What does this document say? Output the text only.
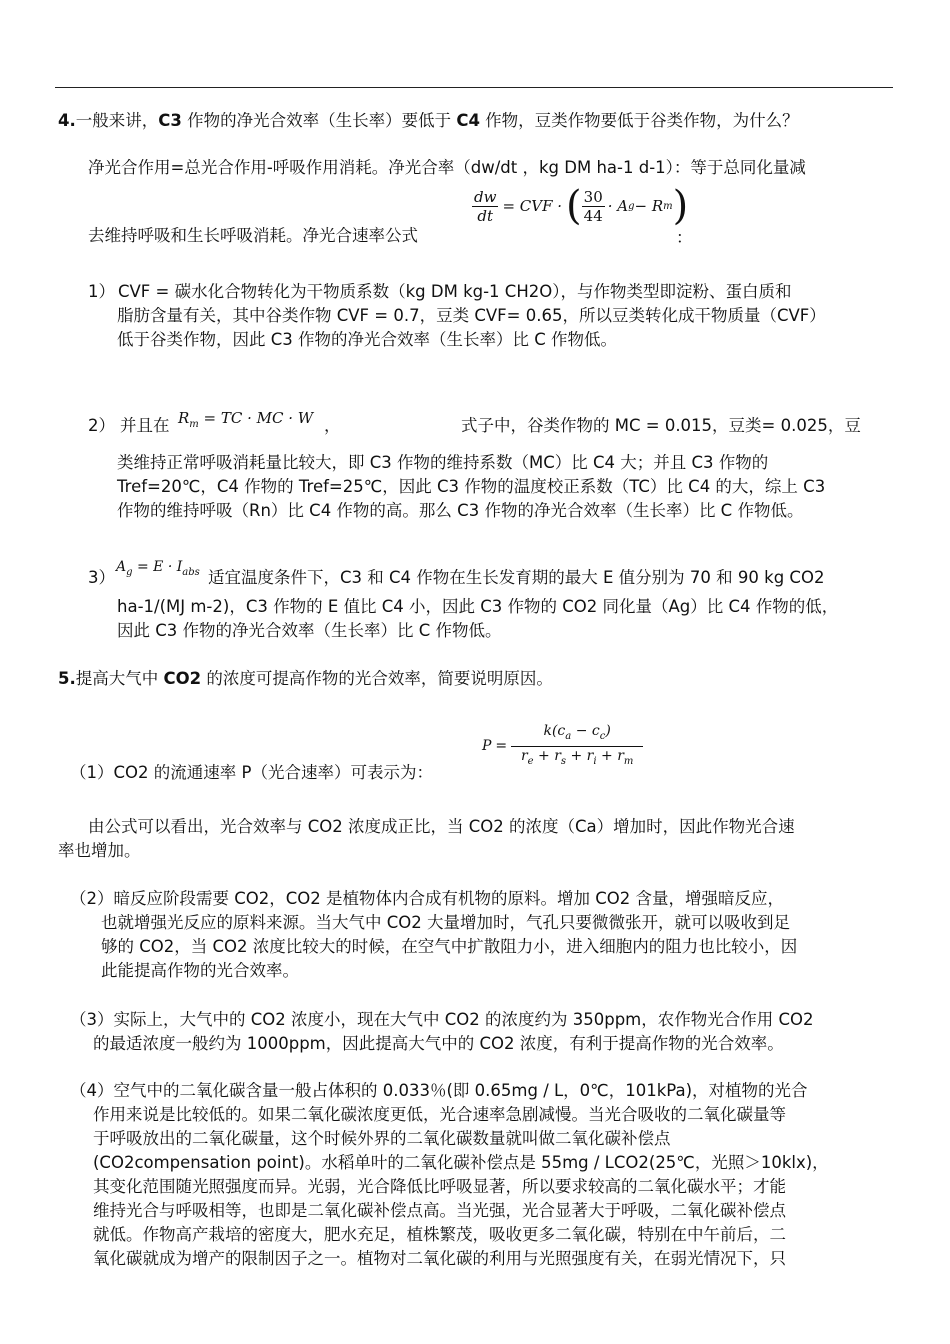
4.一般来讲，C3 作物的净光合效率（生长率）要低于 C4 作物，豆类作物要低于谷类作物，为什么？
净光合作用=总光合作用-呼吸作用消耗。净光合率（dw/dt ，kg DM ha-1 d-1）：等于总同化量减
$\frac{dw}{dt}$ = CVF · ( $\frac{30}{44} \cdot A$ g − R m )
去维持呼吸和生长呼吸消耗。净光合速率公式	：
1） CVF = 碳水化合物转化为干物质系数（kg DM kg-1 CH2O），与作物类型即淀粉、蛋白质和
脂肪含量有关，其中谷类作物 CVF = 0.7，豆类 CVF= 0.65，所以豆类转化成干物质量（CVF）
低于谷类作物，因此 C3 作物的净光合效率（生长率）比 C 作物低。
2） 并且在 $R_m$ = TC · MC · W ，	式子中，谷类作物的 MC = 0.015，豆类= 0.025，豆
类维持正常呼吸消耗量比较大，即 C3 作物的维持系数（MC）比 C4 大；并且 C3 作物的
Tref=20℃，C4 作物的 Tref=25℃，因此 C3 作物的温度校正系数（TC）比 C4 的大，综上 C3
作物的维持呼吸（Rn）比 C4 作物的高。那么 C3 作物的净光合效率（生长率）比 C 作物低。
3）
$A_g = E \cdot I_{abs}$ 适宜温度条件下，C3 和 C4 作物在生长发育期的最大 E 值分别为 70 和 90 kg CO2
ha-1/(MJ m-2)，C3 作物的 E 值比 C4 小，因此 C3 作物的 CO2 同化量（Ag）比 C4 作物的低，
因此 C3 作物的净光合效率（生长率）比 C 作物低。
5.提高大气中 CO2 的浓度可提高作物的光合效率，简要说明原因。
$P = \frac{k(c_a - c_c)}{r_e + r_s + r_i + r_m}$
（1）CO2 的流通速率 P（光合速率）可表示为：
由公式可以看出，光合效率与 CO2 浓度成正比，当 CO2 的浓度（Ca）增加时，因此作物光合速
率也增加。
（2）暗反应阶段需要 CO2，CO2 是植物体内合成有机物的原料。增加 CO2 含量，增强暗反应，
也就增强光反应的原料来源。当大气中 CO2 大量增加时，气孔只要微微张开，就可以吸收到足
够的 CO2，当 CO2 浓度比较大的时候，在空气中扩散阻力小，进入细胞内的阻力也比较小，因
此能提高作物的光合效率。
（3）实际上，大气中的 CO2 浓度小，现在大气中 CO2 的浓度约为 350ppm，农作物光合作用 CO2
的最适浓度一般约为 1000ppm，因此提高大气中的 CO2 浓度，有利于提高作物的光合效率。
（4）空气中的二氧化碳含量一般占体积的 0.033％(即 0.65mg / L，0℃，101kPa)，对植物的光合
作用来说是比较低的。如果二氧化碳浓度更低，光合速率急剧减慢。当光合吸收的二氧化碳量等
于呼吸放出的二氧化碳量，这个时候外界的二氧化碳数量就叫做二氧化碳补偿点
(CO2compensation point)。水稻单叶的二氧化碳补偿点是 55mg / LCO2(25℃，光照＞10klx)，
其变化范围随光照强度而异。光弱，光合降低比呼吸显著，所以要求较高的二氧化碳水平；才能
维持光合与呼吸相等，也即是二氧化碳补偿点高。当光强，光合显著大于呼吸，二氧化碳补偿点
就低。作物高产栽培的密度大，肥水充足，植株繁茂，吸收更多二氧化碳，特别在中午前后，二
氧化碳就成为增产的限制因子之一。植物对二氧化碳的利用与光照强度有关，在弱光情况下，只
